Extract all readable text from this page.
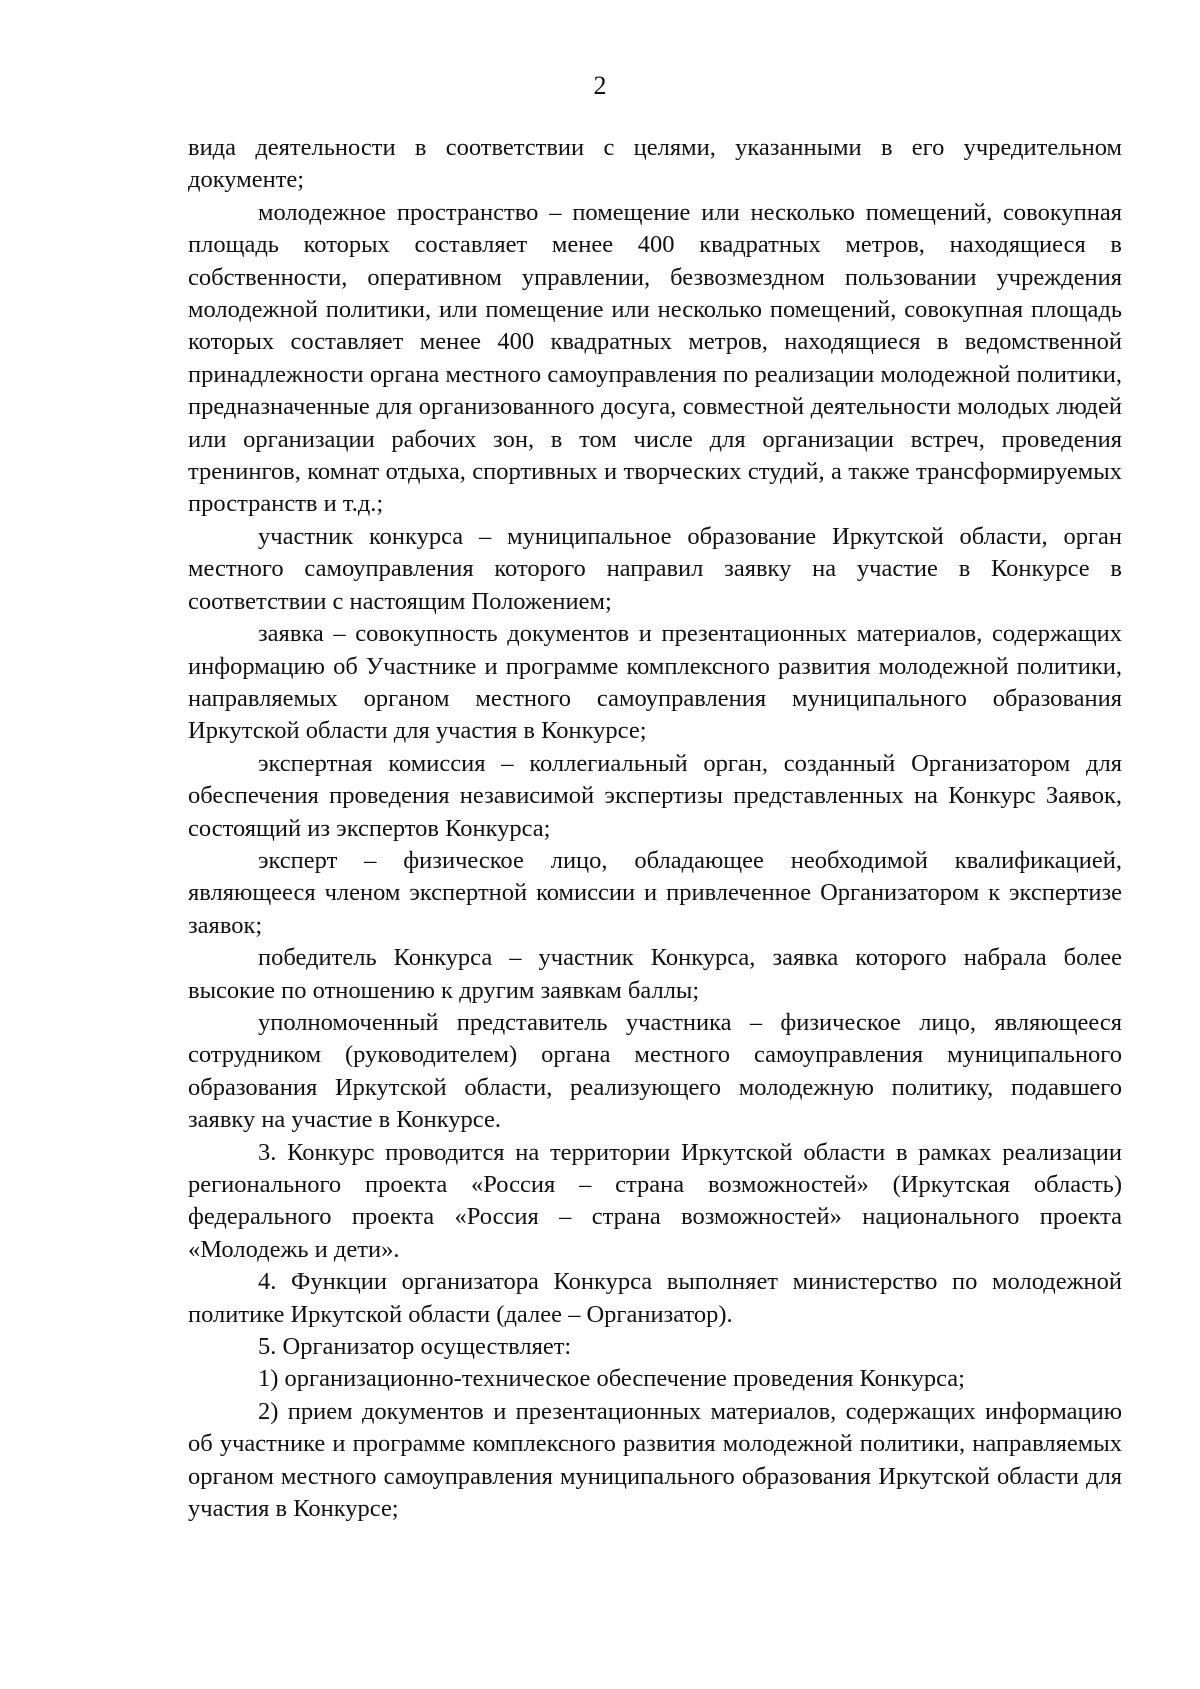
2

вида деятельности в соответствии с целями, указанными в его учредительном документе;

молодежное пространство – помещение или несколько помещений, совокупная площадь которых составляет менее 400 квадратных метров, находящиеся в собственности, оперативном управлении, безвозмездном пользовании учреждения молодежной политики, или помещение или несколько помещений, совокупная площадь которых составляет менее 400 квадратных метров, находящиеся в ведомственной принадлежности органа местного самоуправления по реализации молодежной политики, предназначенные для организованного досуга, совместной деятельности молодых людей или организации рабочих зон, в том числе для организации встреч, проведения тренингов, комнат отдыха, спортивных и творческих студий, а также трансформируемых пространств и т.д.;

участник конкурса – муниципальное образование Иркутской области, орган местного самоуправления которого направил заявку на участие в Конкурсе в соответствии с настоящим Положением;

заявка – совокупность документов и презентационных материалов, содержащих информацию об Участнике и программе комплексного развития молодежной политики, направляемых органом местного самоуправления муниципального образования Иркутской области для участия в Конкурсе;

экспертная комиссия – коллегиальный орган, созданный Организатором для обеспечения проведения независимой экспертизы представленных на Конкурс Заявок, состоящий из экспертов Конкурса;

эксперт – физическое лицо, обладающее необходимой квалификацией, являющееся членом экспертной комиссии и привлеченное Организатором к экспертизе заявок;

победитель Конкурса – участник Конкурса, заявка которого набрала более высокие по отношению к другим заявкам баллы;

уполномоченный представитель участника – физическое лицо, являющееся сотрудником (руководителем) органа местного самоуправления муниципального образования Иркутской области, реализующего молодежную политику, подавшего заявку на участие в Конкурсе.

3. Конкурс проводится на территории Иркутской области в рамках реализации регионального проекта «Россия – страна возможностей» (Иркутская область) федерального проекта «Россия – страна возможностей» национального проекта «Молодежь и дети».

4. Функции организатора Конкурса выполняет министерство по молодежной политике Иркутской области (далее – Организатор).

5. Организатор осуществляет:

1) организационно-техническое обеспечение проведения Конкурса;

2) прием документов и презентационных материалов, содержащих информацию об участнике и программе комплексного развития молодежной политики, направляемых органом местного самоуправления муниципального образования Иркутской области для участия в Конкурсе;
